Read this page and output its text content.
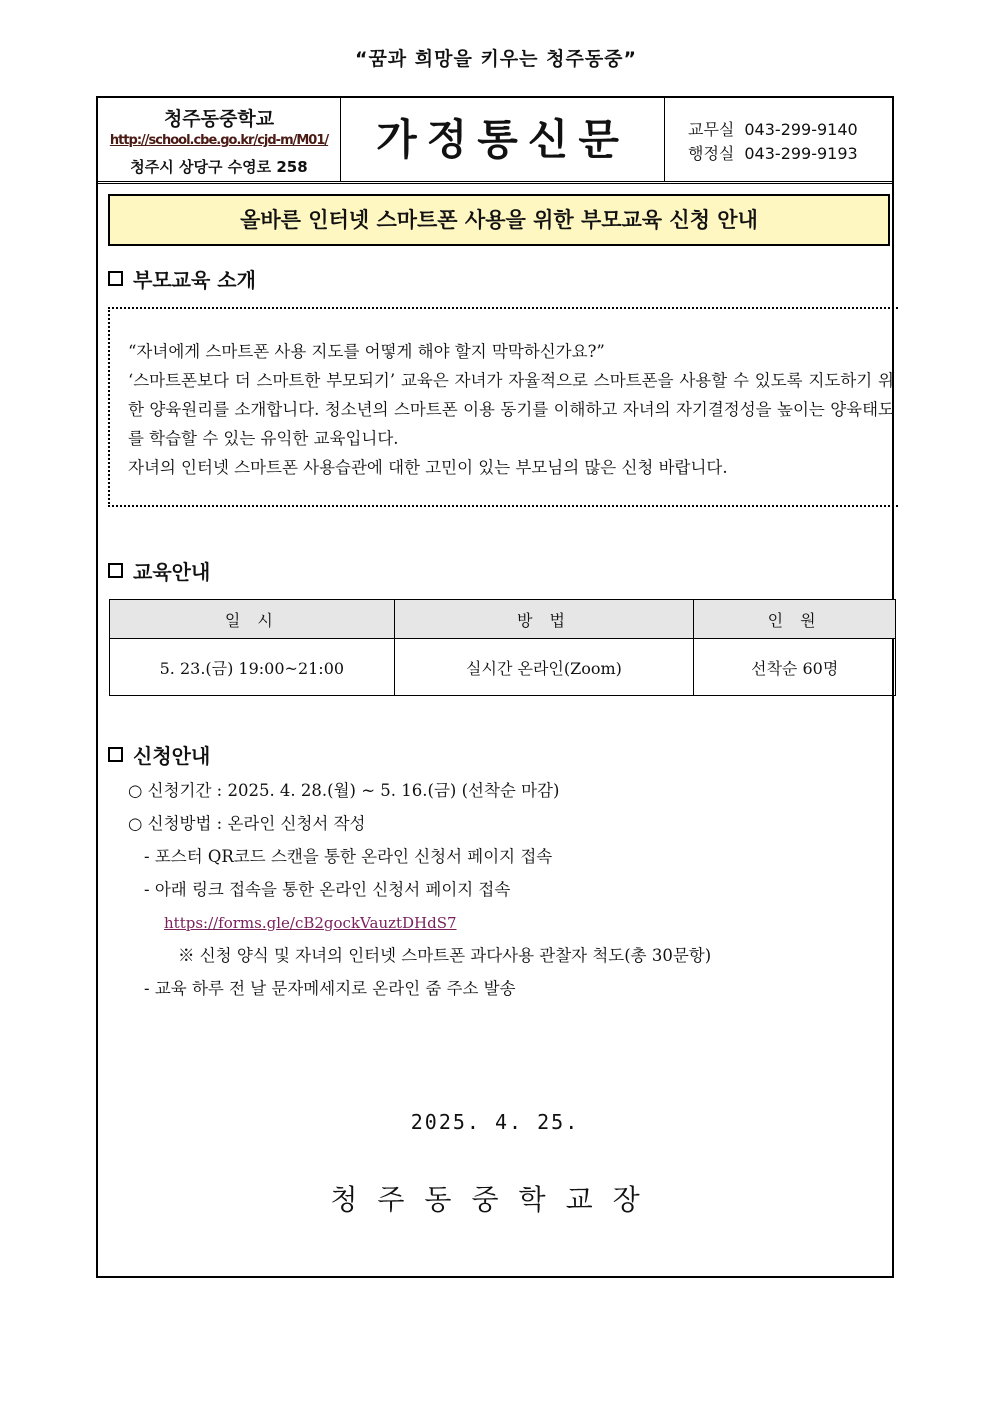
“꿈과 희망을 키우는 청주동중”
청주동중학교
http://school.cbe.go.kr/cjd-m/M01/
청주시 상당구 수영로 258
가정통신문	교무실 043-299-9140
행정실 043-299-9193
올바른 인터넷 스마트폰 사용을 위한 부모교육 신청 안내
부모교육 소개

“자녀에게 스마트폰 사용 지도를 어떻게 해야 할지 막막하신가요?”

‘스마트폰보다 더 스마트한 부모되기’ 교육은 자녀가 자율적으로 스마트폰을 사용할 수 있도록 지도하기 위한 양육원리를 소개합니다. 청소년의 스마트폰 이용 동기를 이해하고 자녀의 자기결정성을 높이는 양육태도를 학습할 수 있는 유익한 교육입니다.

자녀의 인터넷 스마트폰 사용습관에 대한 고민이 있는 부모님의 많은 신청 바랍니다.

교육안내
일 시	방 법	인 원
5. 23.(금) 19:00~21:00	실시간 온라인(Zoom)	선착순 60명
신청안내
○ 신청기간 : 2025. 4. 28.(월) ~ 5. 16.(금) (선착순 마감)
○ 신청방법 : 온라인 신청서 작성
- 포스터 QR코드 스캔을 통한 온라인 신청서 페이지 접속
- 아래 링크 접속을 통한 온라인 신청서 페이지 접속
https://forms.gle/cB2gockVauztDHdS7
※ 신청 양식 및 자녀의 인터넷 스마트폰 과다사용 관찰자 척도(총 30문항)
- 교육 하루 전 날 문자메세지로 온라인 줌 주소 발송
2025. 4. 25.
청주동중학교장
